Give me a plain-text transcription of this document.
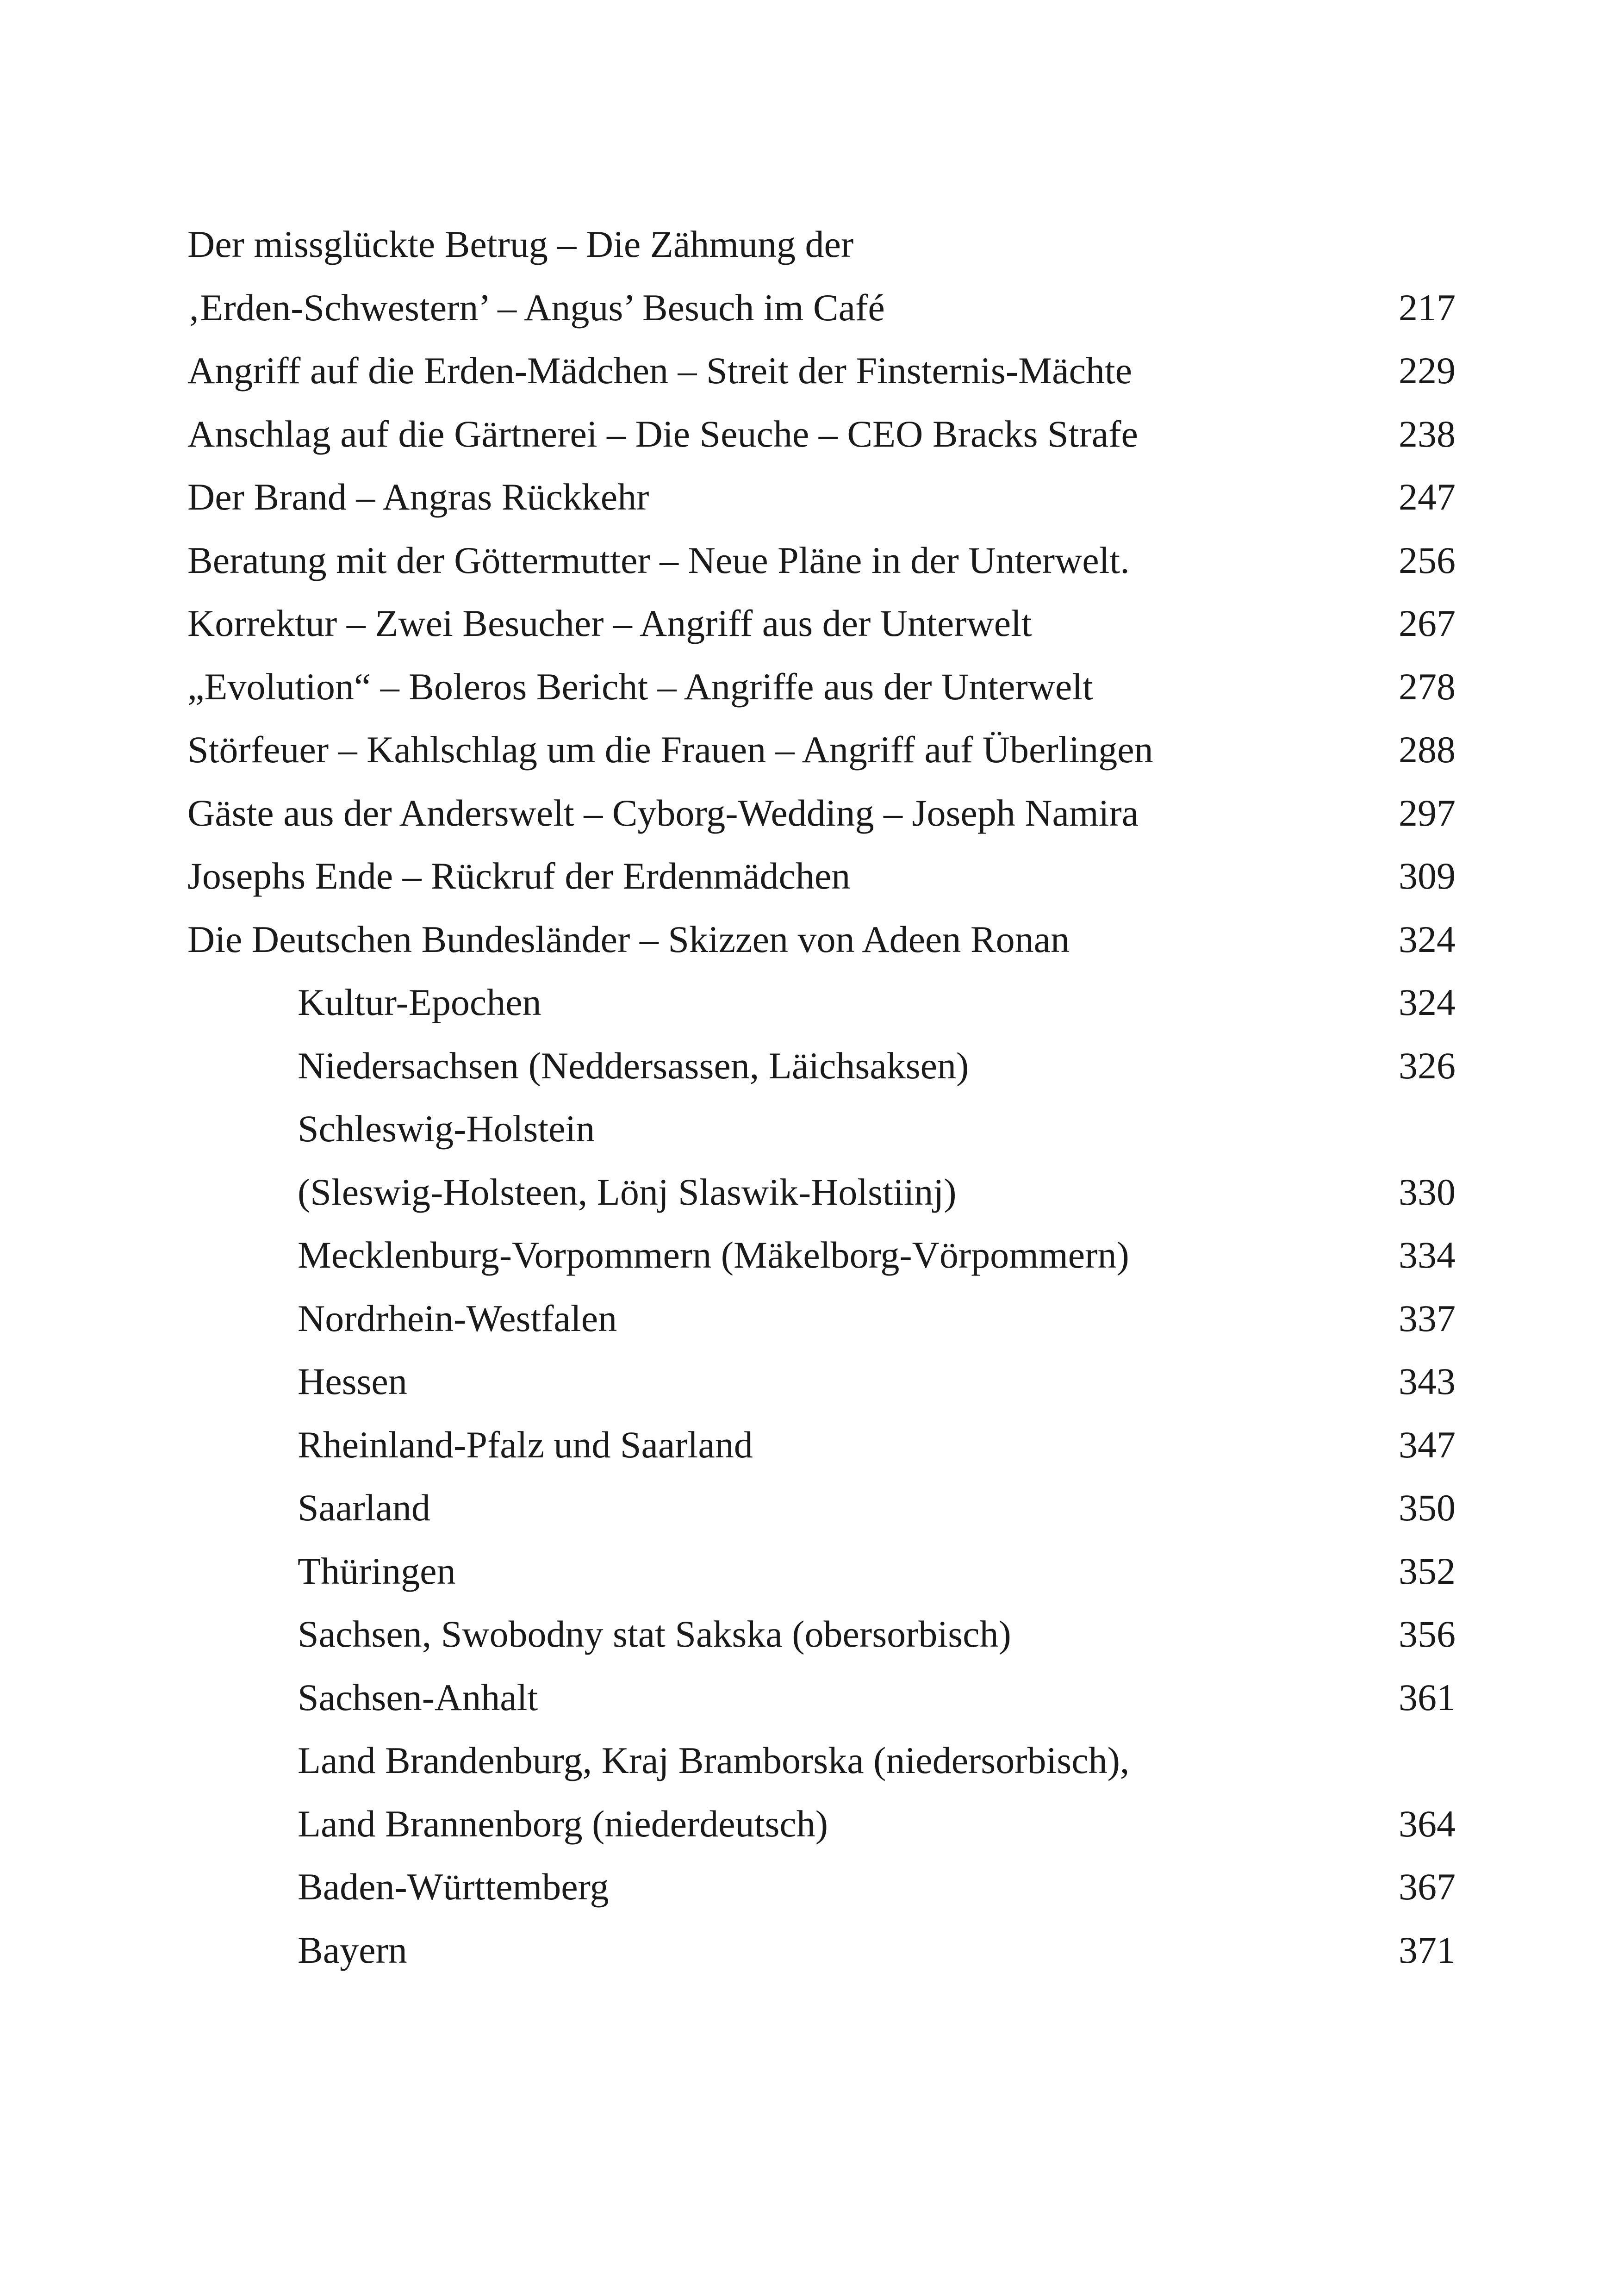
Der missglückte Betrug – Die Zähmung der
‚Erden-Schwestern’ – Angus’ Besuch im Café	217
Angriff auf die Erden-Mädchen – Streit der Finsternis-Mächte	229
Anschlag auf die Gärtnerei – Die Seuche – CEO Bracks Strafe	238
Der Brand – Angras Rückkehr	247
Beratung mit der Göttermutter – Neue Pläne in der Unterwelt.	256
Korrektur – Zwei Besucher – Angriff aus der Unterwelt	267
„Evolution“ – Boleros Bericht – Angriffe aus der Unterwelt	278
Störfeuer – Kahlschlag um die Frauen – Angriff auf Überlingen	288
Gäste aus der Anderswelt – Cyborg-Wedding – Joseph Namira	297
Josephs Ende – Rückruf der Erdenmädchen	309
Die Deutschen Bundesländer – Skizzen von Adeen Ronan	324
Kultur-Epochen	324
Niedersachsen (Neddersassen, Läichsaksen)	326
Schleswig-Holstein
(Sleswig-Holsteen, Lönj Slaswik-Holstiinj)	330
Mecklenburg-Vorpommern (Mäkelborg-Vörpommern)	334
Nordrhein-Westfalen	337
Hessen	343
Rheinland-Pfalz und Saarland	347
Saarland	350
Thüringen	352
Sachsen, Swobodny stat Sakska (obersorbisch)	356
Sachsen-Anhalt	361
Land Brandenburg, Kraj Bramborska (niedersorbisch),
Land Brannenborg (niederdeutsch)	364
Baden-Württemberg	367
Bayern	371
